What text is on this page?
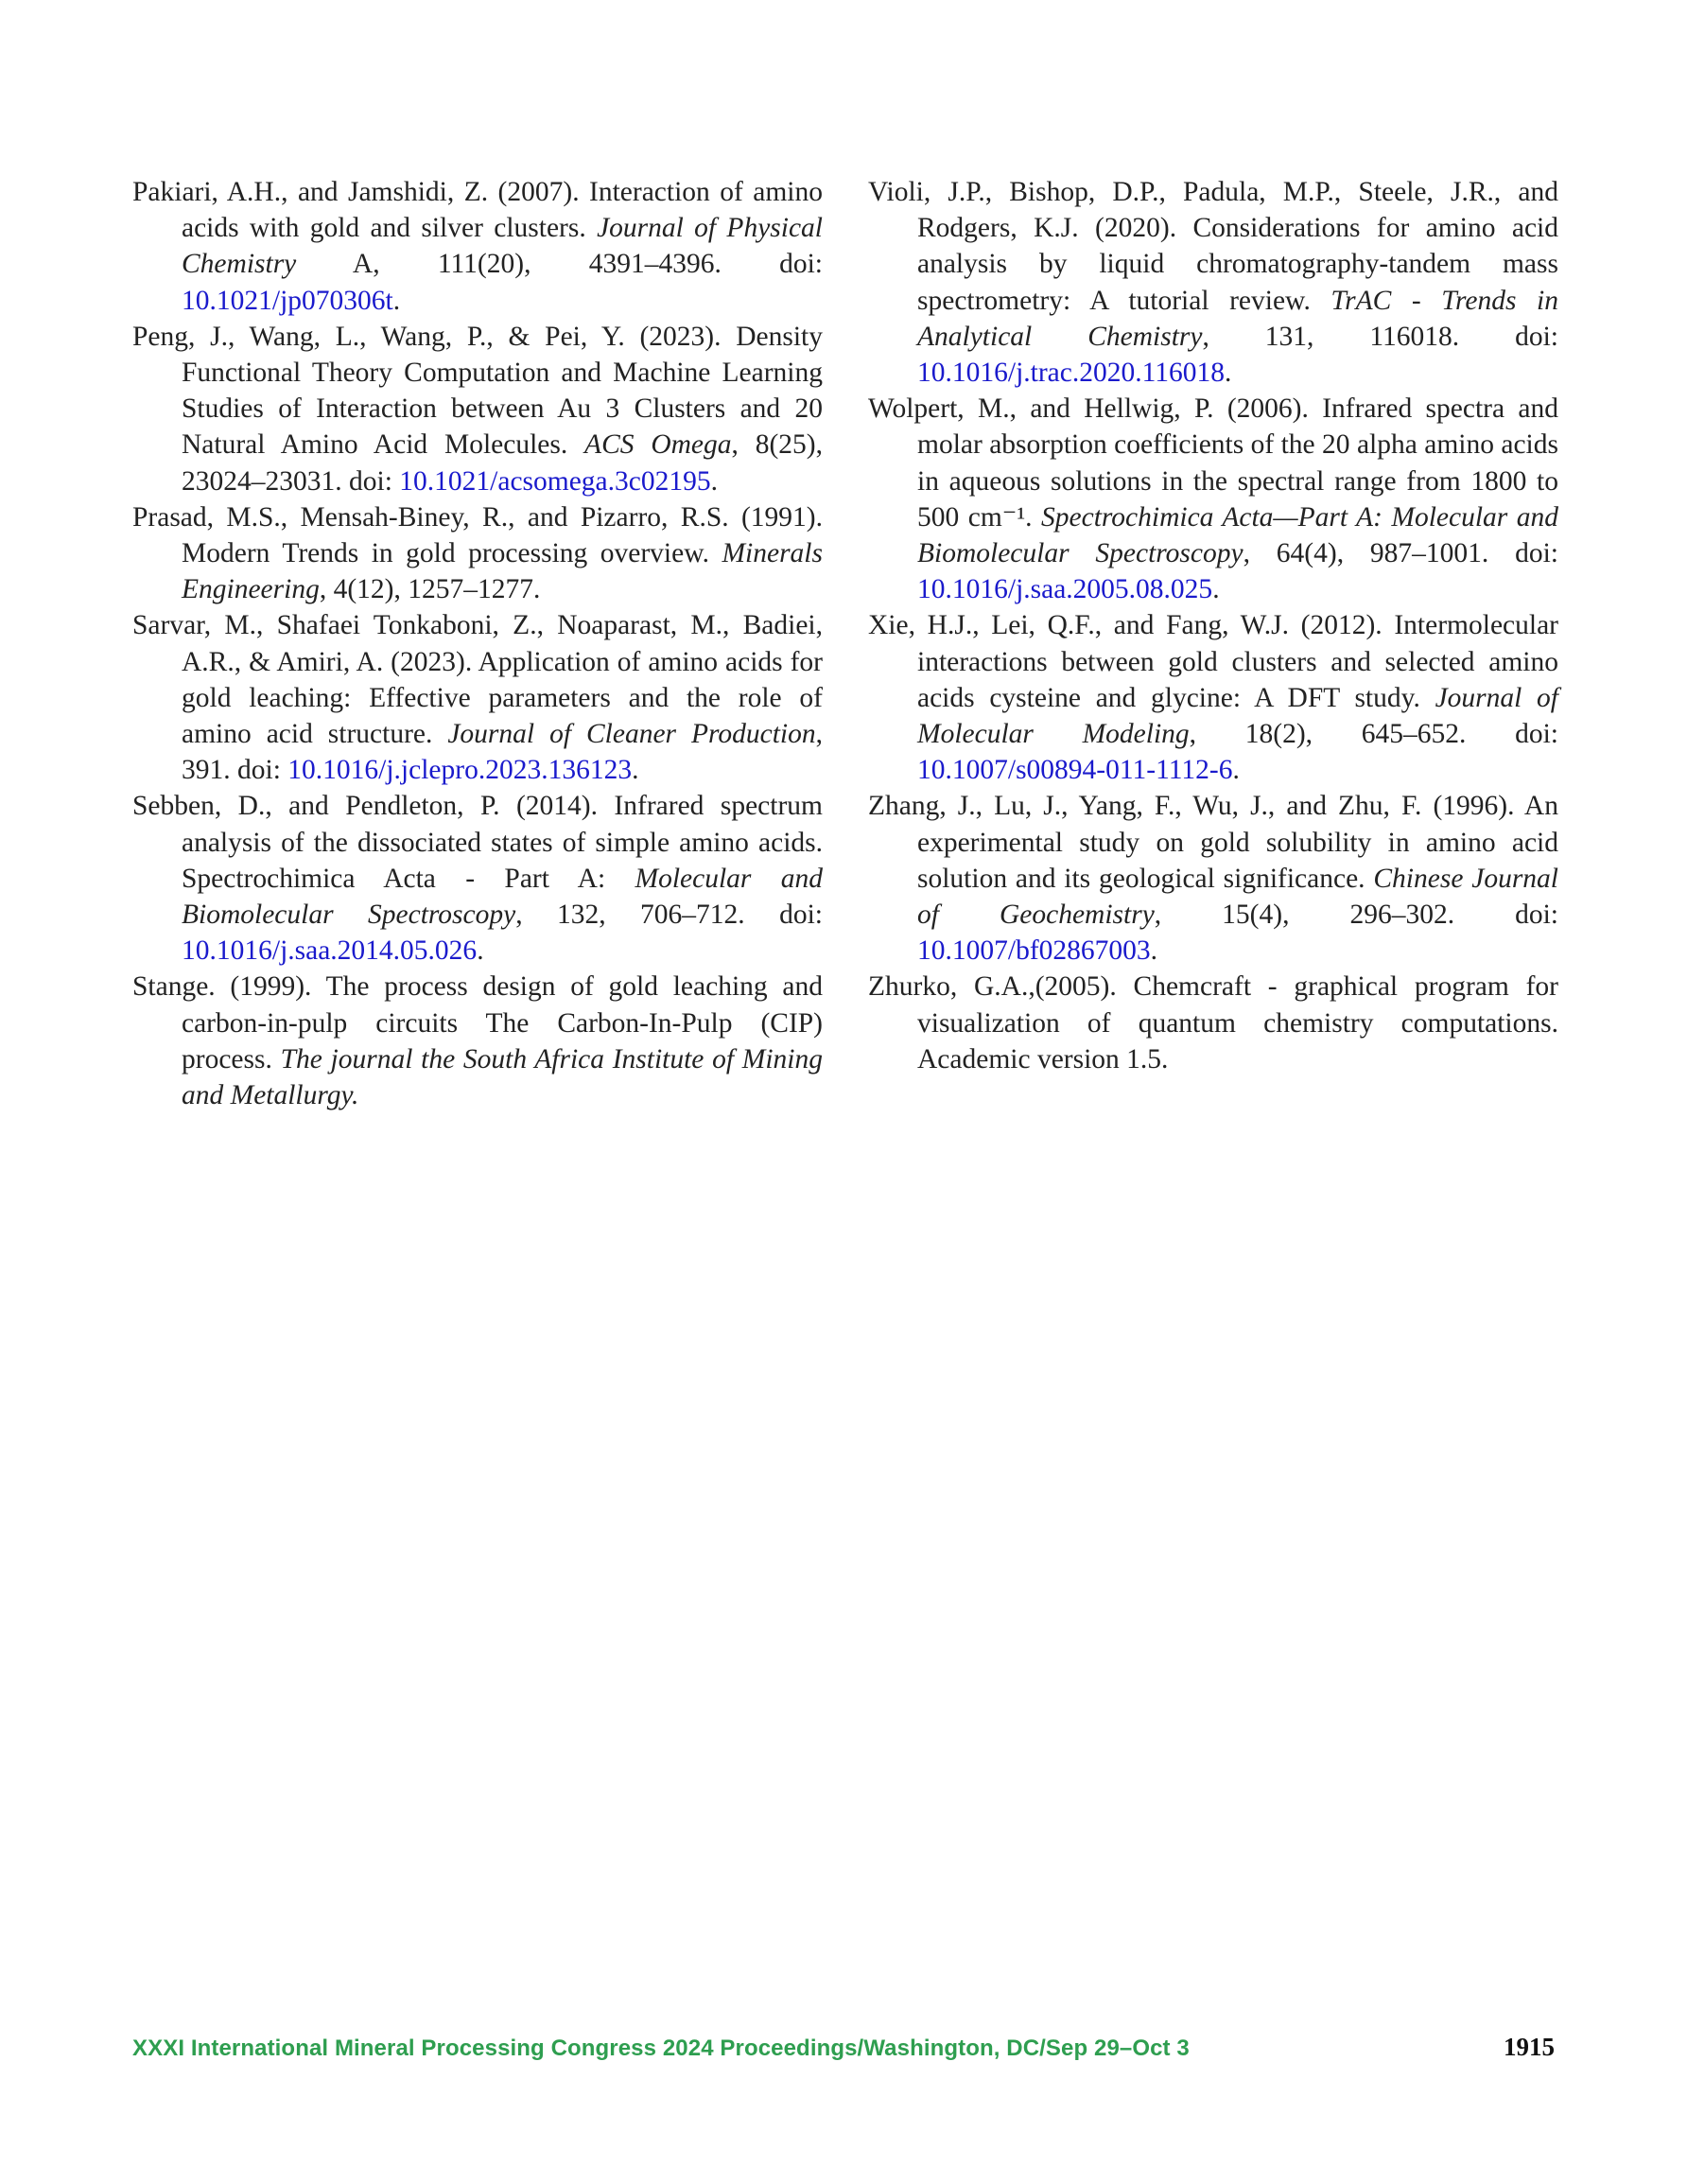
Pakiari, A.H., and Jamshidi, Z. (2007). Interaction of amino acids with gold and silver clusters. Journal of Physical Chemistry A, 111(20), 4391–4396. doi: 10.1021/jp070306t.

Peng, J., Wang, L., Wang, P., & Pei, Y. (2023). Density Functional Theory Computation and Machine Learning Studies of Interaction between Au 3 Clusters and 20 Natural Amino Acid Molecules. ACS Omega, 8(25), 23024–23031. doi: 10.1021/acsomega.3c02195.

Prasad, M.S., Mensah-Biney, R., and Pizarro, R.S. (1991). Modern Trends in gold processing overview. Minerals Engineering, 4(12), 1257–1277.

Sarvar, M., Shafaei Tonkaboni, Z., Noaparast, M., Badiei, A.R., & Amiri, A. (2023). Application of amino acids for gold leaching: Effective parameters and the role of amino acid structure. Journal of Cleaner Production, 391. doi: 10.1016/j.jclepro.2023.136123.

Sebben, D., and Pendleton, P. (2014). Infrared spectrum analysis of the dissociated states of simple amino acids. Spectrochimica Acta - Part A: Molecular and Biomolecular Spectroscopy, 132, 706–712. doi: 10.1016/j.saa.2014.05.026.

Stange. (1999). The process design of gold leaching and carbon-in-pulp circuits The Carbon-In-Pulp (CIP) process. The journal the South Africa Institute of Mining and Metallurgy.

Violi, J.P., Bishop, D.P., Padula, M.P., Steele, J.R., and Rodgers, K.J. (2020). Considerations for amino acid analysis by liquid chromatography-tandem mass spectrometry: A tutorial review. TrAC - Trends in Analytical Chemistry, 131, 116018. doi: 10.1016/j.trac.2020.116018.

Wolpert, M., and Hellwig, P. (2006). Infrared spectra and molar absorption coefficients of the 20 alpha amino acids in aqueous solutions in the spectral range from 1800 to 500 cm⁻¹. Spectrochimica Acta—Part A: Molecular and Biomolecular Spectroscopy, 64(4), 987–1001. doi: 10.1016/j.saa.2005.08.025.

Xie, H.J., Lei, Q.F., and Fang, W.J. (2012). Intermolecular interactions between gold clusters and selected amino acids cysteine and glycine: A DFT study. Journal of Molecular Modeling, 18(2), 645–652. doi: 10.1007/s00894-011-1112-6.

Zhang, J., Lu, J., Yang, F., Wu, J., and Zhu, F. (1996). An experimental study on gold solubility in amino acid solution and its geological significance. Chinese Journal of Geochemistry, 15(4), 296–302. doi: 10.1007/bf02867003.

Zhurko, G.A.,(2005). Chemcraft - graphical program for visualization of quantum chemistry computations. Academic version 1.5.

XXXI International Mineral Processing Congress 2024 Proceedings/Washington, DC/Sep 29–Oct 3	1915
